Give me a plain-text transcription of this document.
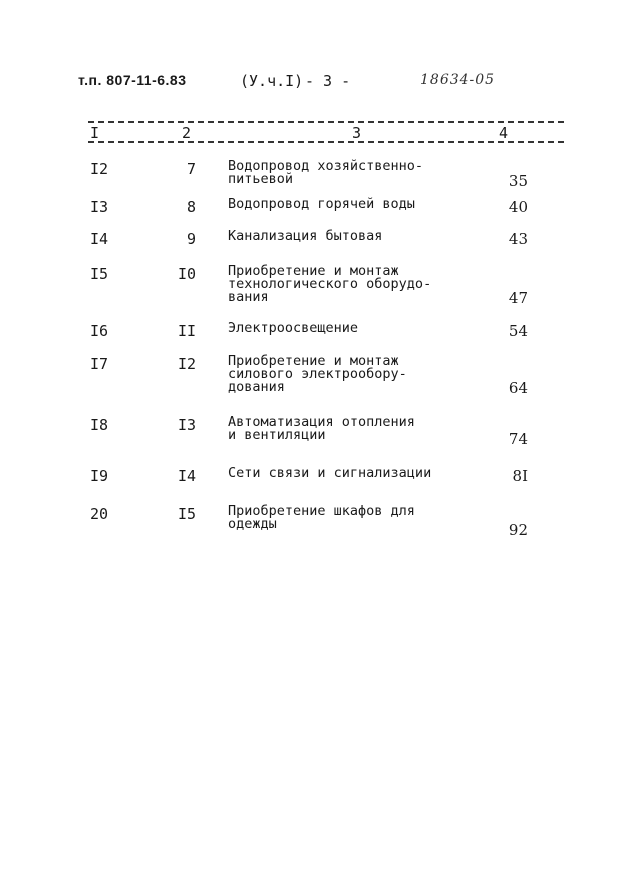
т.п. 807-11-6.83	(У.ч.I) - 3 -	18634-05
I	2	3	4
I2	7 Водопровод хозяйственно-
питьевой	35
I3	8 Водопровод горячей воды	40
I4	9 Канализация бытовая	43
I5	I0 Приобретение и монтаж
технологического оборудо-
вания	47
I6	II Электроосвещение	54
I7	I2 Приобретение и монтаж
силового электрообору-
дования	64
I8	I3 Автоматизация отопления
и вентиляции	74
I9	I4 Сети связи и сигнализации	8I
20	I5 Приобретение шкафов для
одежды	92
